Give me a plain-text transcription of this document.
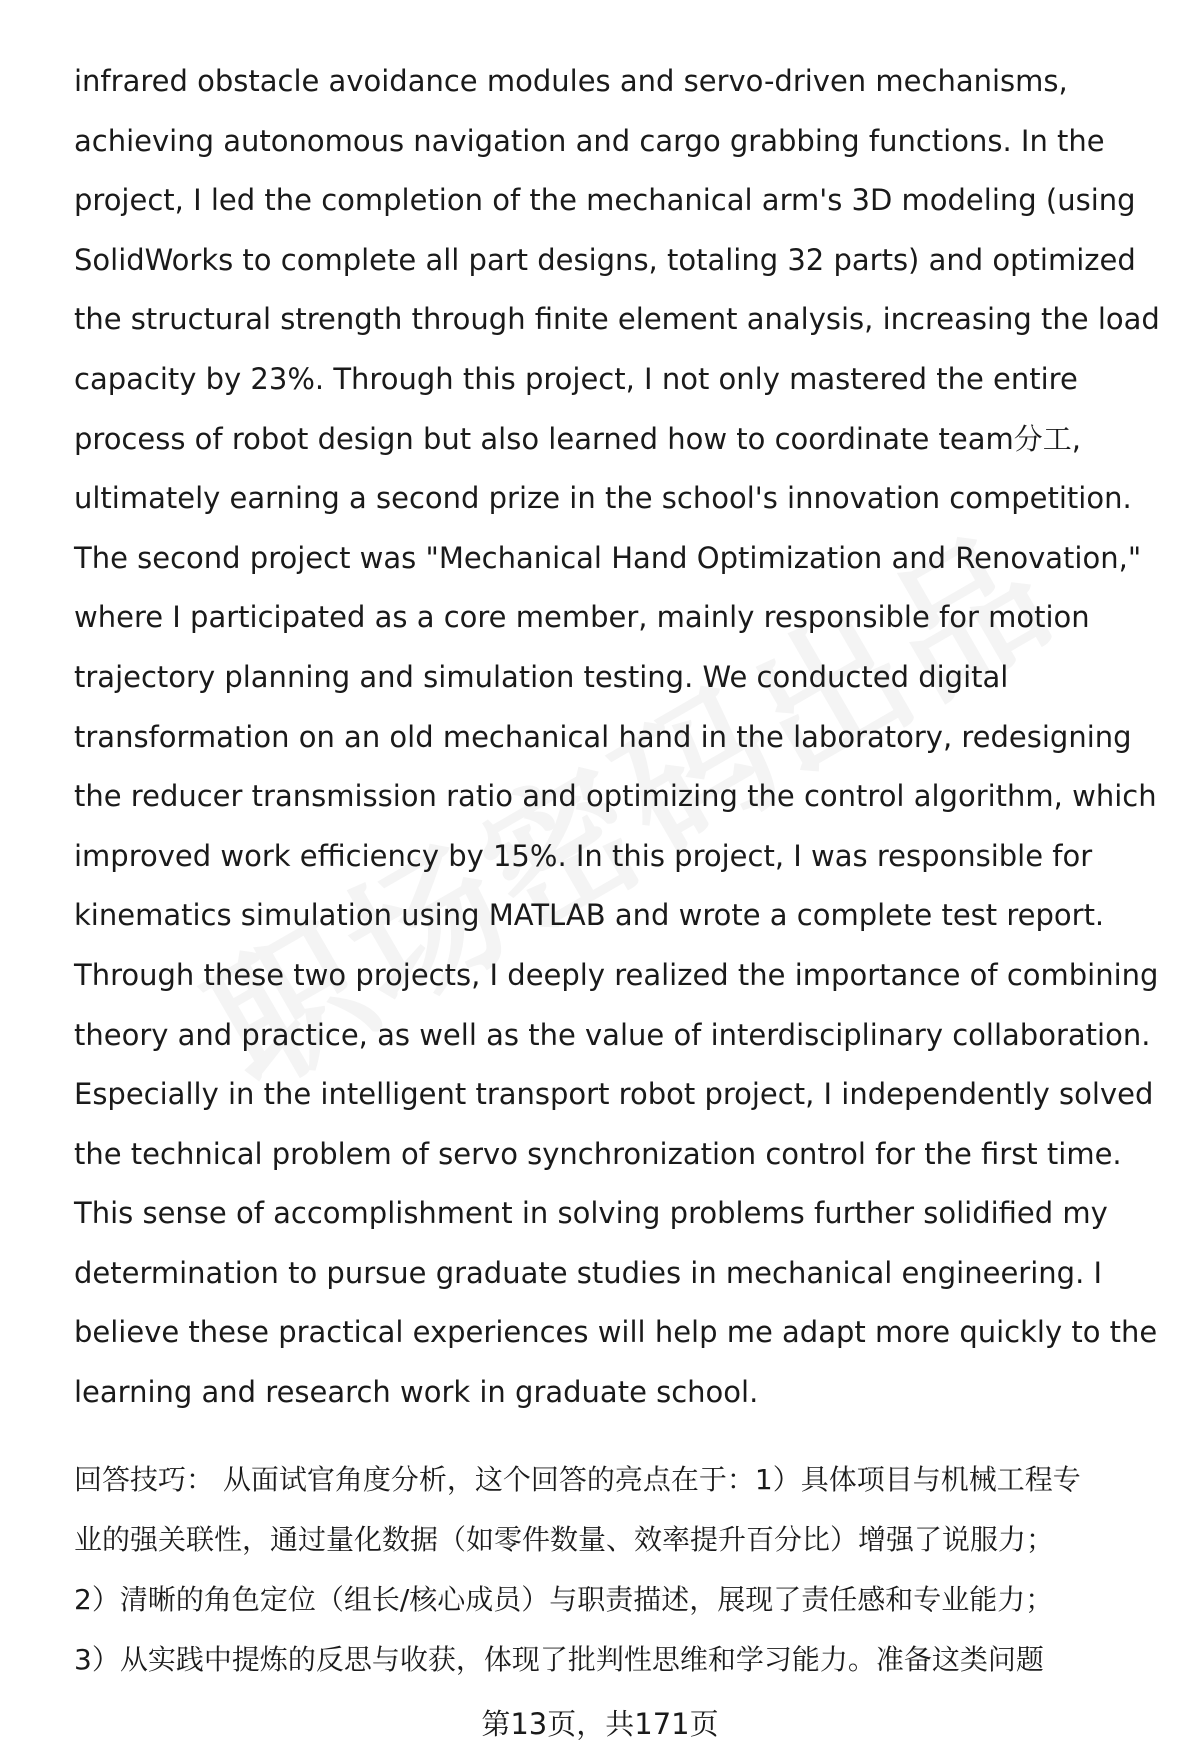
infrared obstacle avoidance modules and servo-driven mechanisms,
achieving autonomous navigation and cargo grabbing functions. In the
project, I led the completion of the mechanical arm's 3D modeling (using
SolidWorks to complete all part designs, totaling 32 parts) and optimized
the structural strength through finite element analysis, increasing the load
capacity by 23%. Through this project, I not only mastered the entire
process of robot design but also learned how to coordinate team分工,
ultimately earning a second prize in the school's innovation competition.
The second project was "Mechanical Hand Optimization and Renovation,"
where I participated as a core member, mainly responsible for motion
trajectory planning and simulation testing. We conducted digital
transformation on an old mechanical hand in the laboratory, redesigning
the reducer transmission ratio and optimizing the control algorithm, which
improved work efficiency by 15%. In this project, I was responsible for
kinematics simulation using MATLAB and wrote a complete test report.
Through these two projects, I deeply realized the importance of combining
theory and practice, as well as the value of interdisciplinary collaboration.
Especially in the intelligent transport robot project, I independently solved
the technical problem of servo synchronization control for the first time.
This sense of accomplishment in solving problems further solidified my
determination to pursue graduate studies in mechanical engineering. I
believe these practical experiences will help me adapt more quickly to the
learning and research work in graduate school.
回答技巧： 从面试官角度分析，这个回答的亮点在于：1）具体项目与机械工程专
业的强关联性，通过量化数据（如零件数量、效率提升百分比）增强了说服力；
2）清晰的角色定位（组长/核心成员）与职责描述，展现了责任感和专业能力；
3）从实践中提炼的反思与收获，体现了批判性思维和学习能力。准备这类问题
第13页，共171页
